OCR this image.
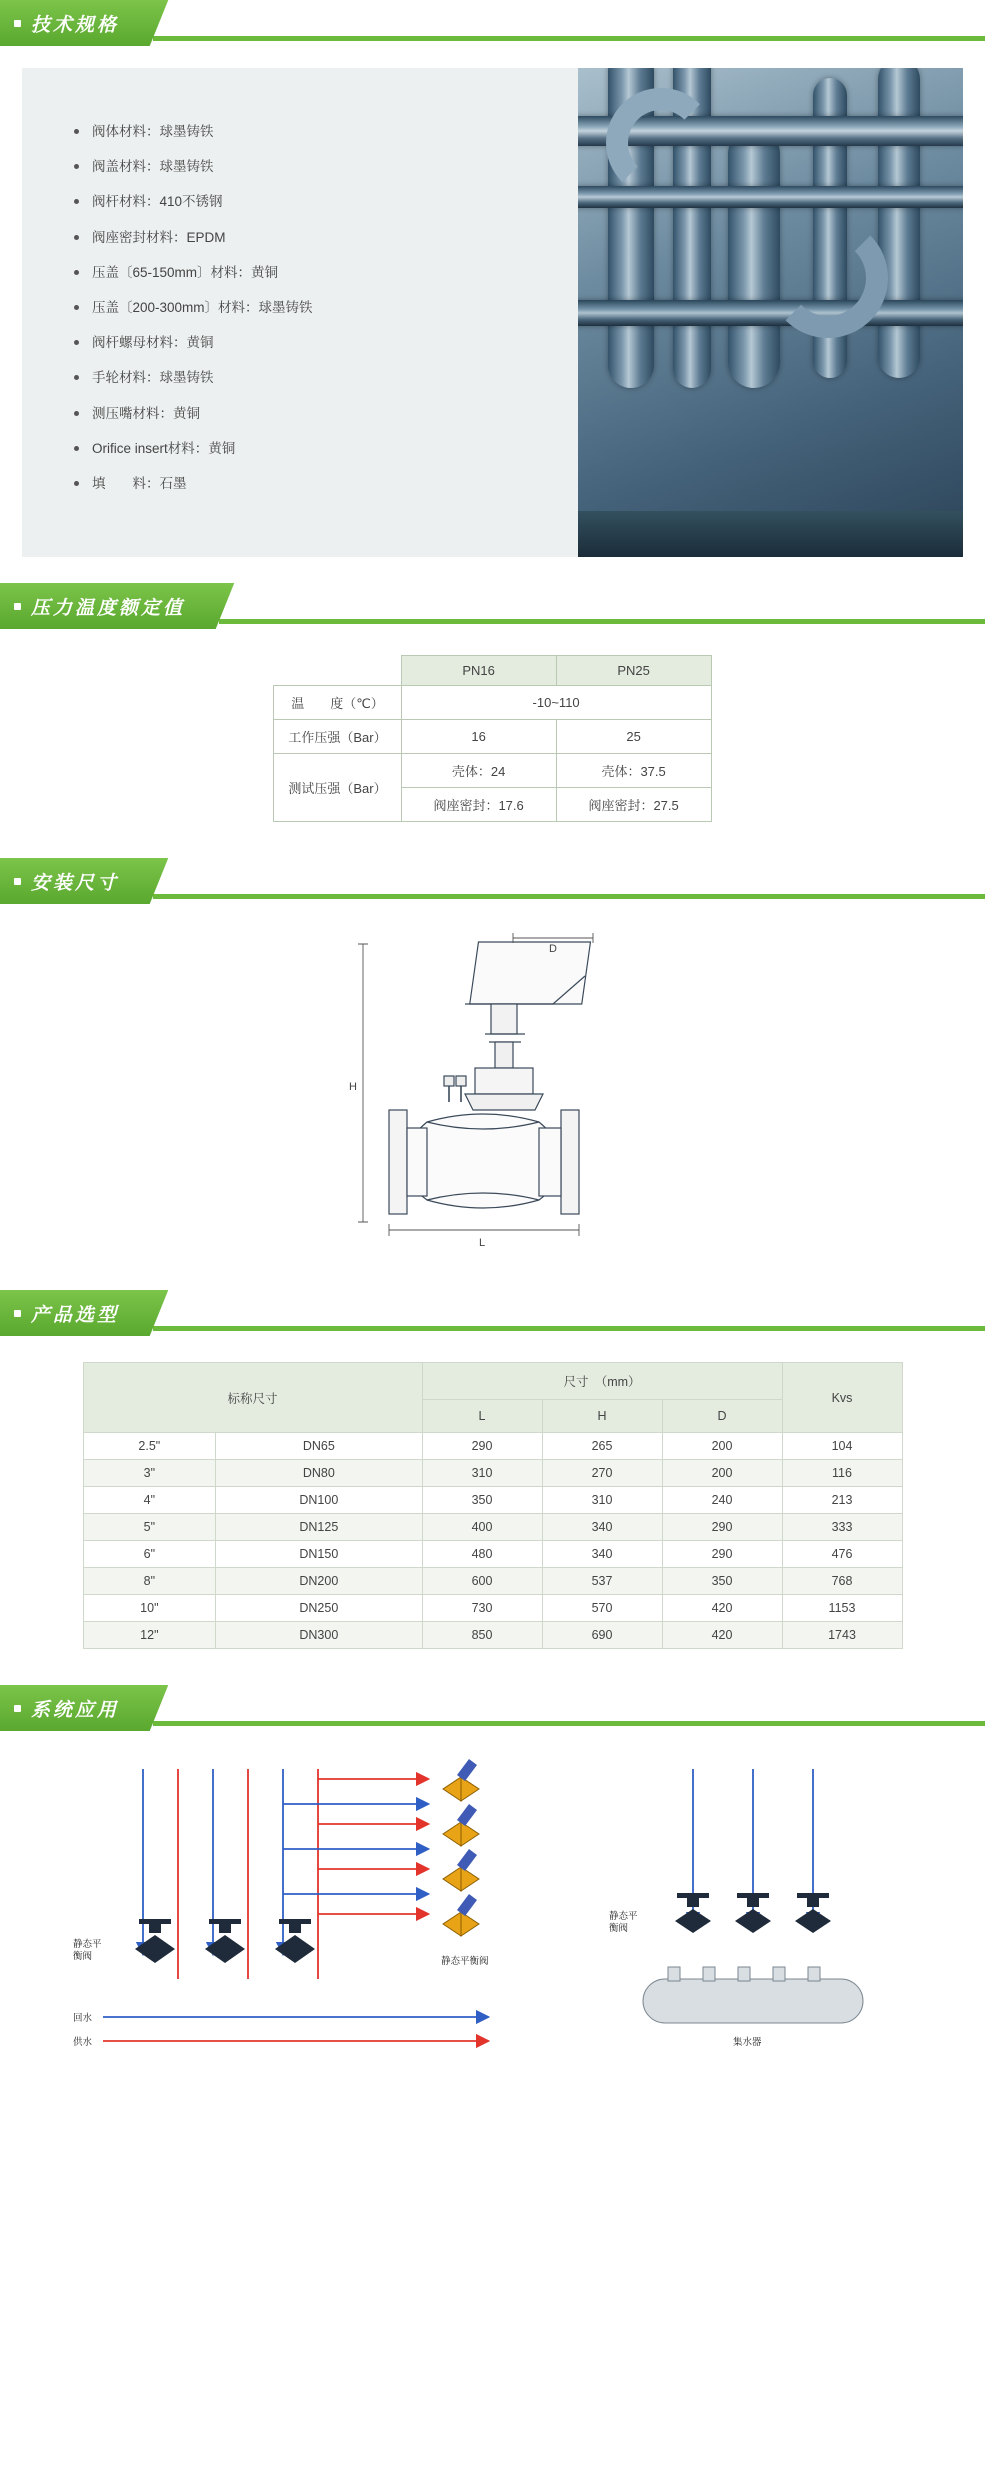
技术规格
阀体材料：球墨铸铁
阀盖材料：球墨铸铁
阀杆材料：410不锈钢
阀座密封材料：EPDM
压盖〔65-150mm〕材料：黄铜
压盖〔200-300mm〕材料：球墨铸铁
阀杆螺母材料：黄铜
手轮材料：球墨铸铁
测压嘴材料：黄铜
Orifice insert材料：黄铜
填　　料：石墨
压力温度额定值
	PN16	PN25
温　　度（℃）	-10~110	
工作压强（Bar）	16	25
测试压强（Bar）	壳体：24	壳体：37.5
	阀座密封：17.6	阀座密封：27.5
安装尺寸
H
L
D
产品选型
标称尺寸		尺寸　（mm）			Kvs
		L	H	D	
2.5"	DN65	290	265	200	104
3"	DN80	310	270	200	116
4"	DN100	350	310	240	213
5"	DN125	400	340	290	333
6"	DN150	480	340	290	476
8"	DN200	600	537	350	768
10"	DN250	730	570	420	1153
12"	DN300	850	690	420	1743
系统应用
静态平
衡阀	静态平衡阀
回水
供水
静态平
衡阀
集水器
